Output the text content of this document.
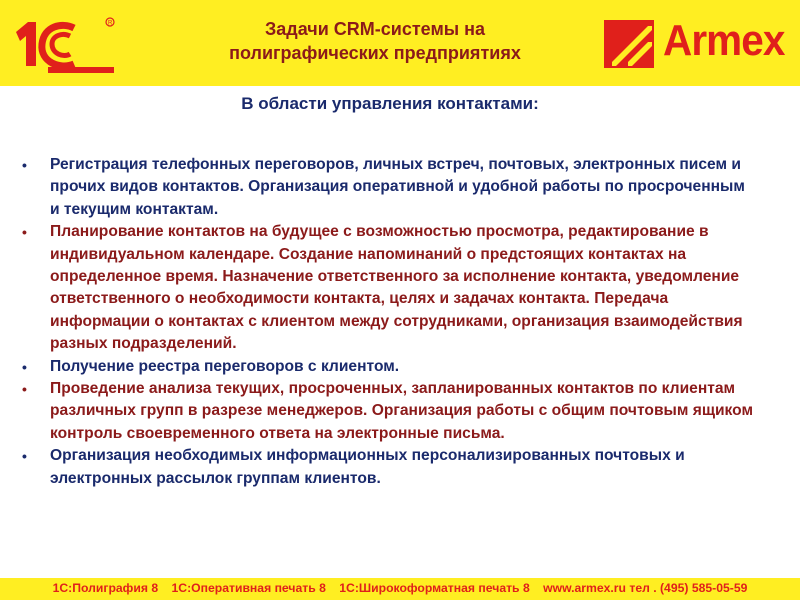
R	Задачи CRM-системы на
полиграфических предприятиях	Armex
В области управления контактами:
• Регистрация телефонных переговоров, личных встреч, почтовых, электронных писем и прочих видов контактов. Организация оперативной и удобной работы по просроченным и текущим контактам.
• Планирование контактов на будущее с возможностью просмотра, редактирование в индивидуальном календаре. Создание напоминаний о предстоящих контактах на определенное время. Назначение ответственного за исполнение контакта, уведомление ответственного о необходимости контакта, целях и задачах контакта. Передача информации о контактах с клиентом между сотрудниками, организация взаимодействия разных подразделений.
• Получение реестра переговоров с клиентом.
• Проведение анализа текущих, просроченных, запланированных контактов по клиентам различных групп в разрезе менеджеров. Организация работы с общим почтовым ящиком контроль своевременного ответа на электронные письма.
• Организация необходимых информационных персонализированных почтовых и электронных рассылок группам клиентов.
1С:Полиграфия 8 1С:Оперативная печать 8 1С:Широкоформатная печать 8 www.armex.ru тел . (495) 585-05-59
